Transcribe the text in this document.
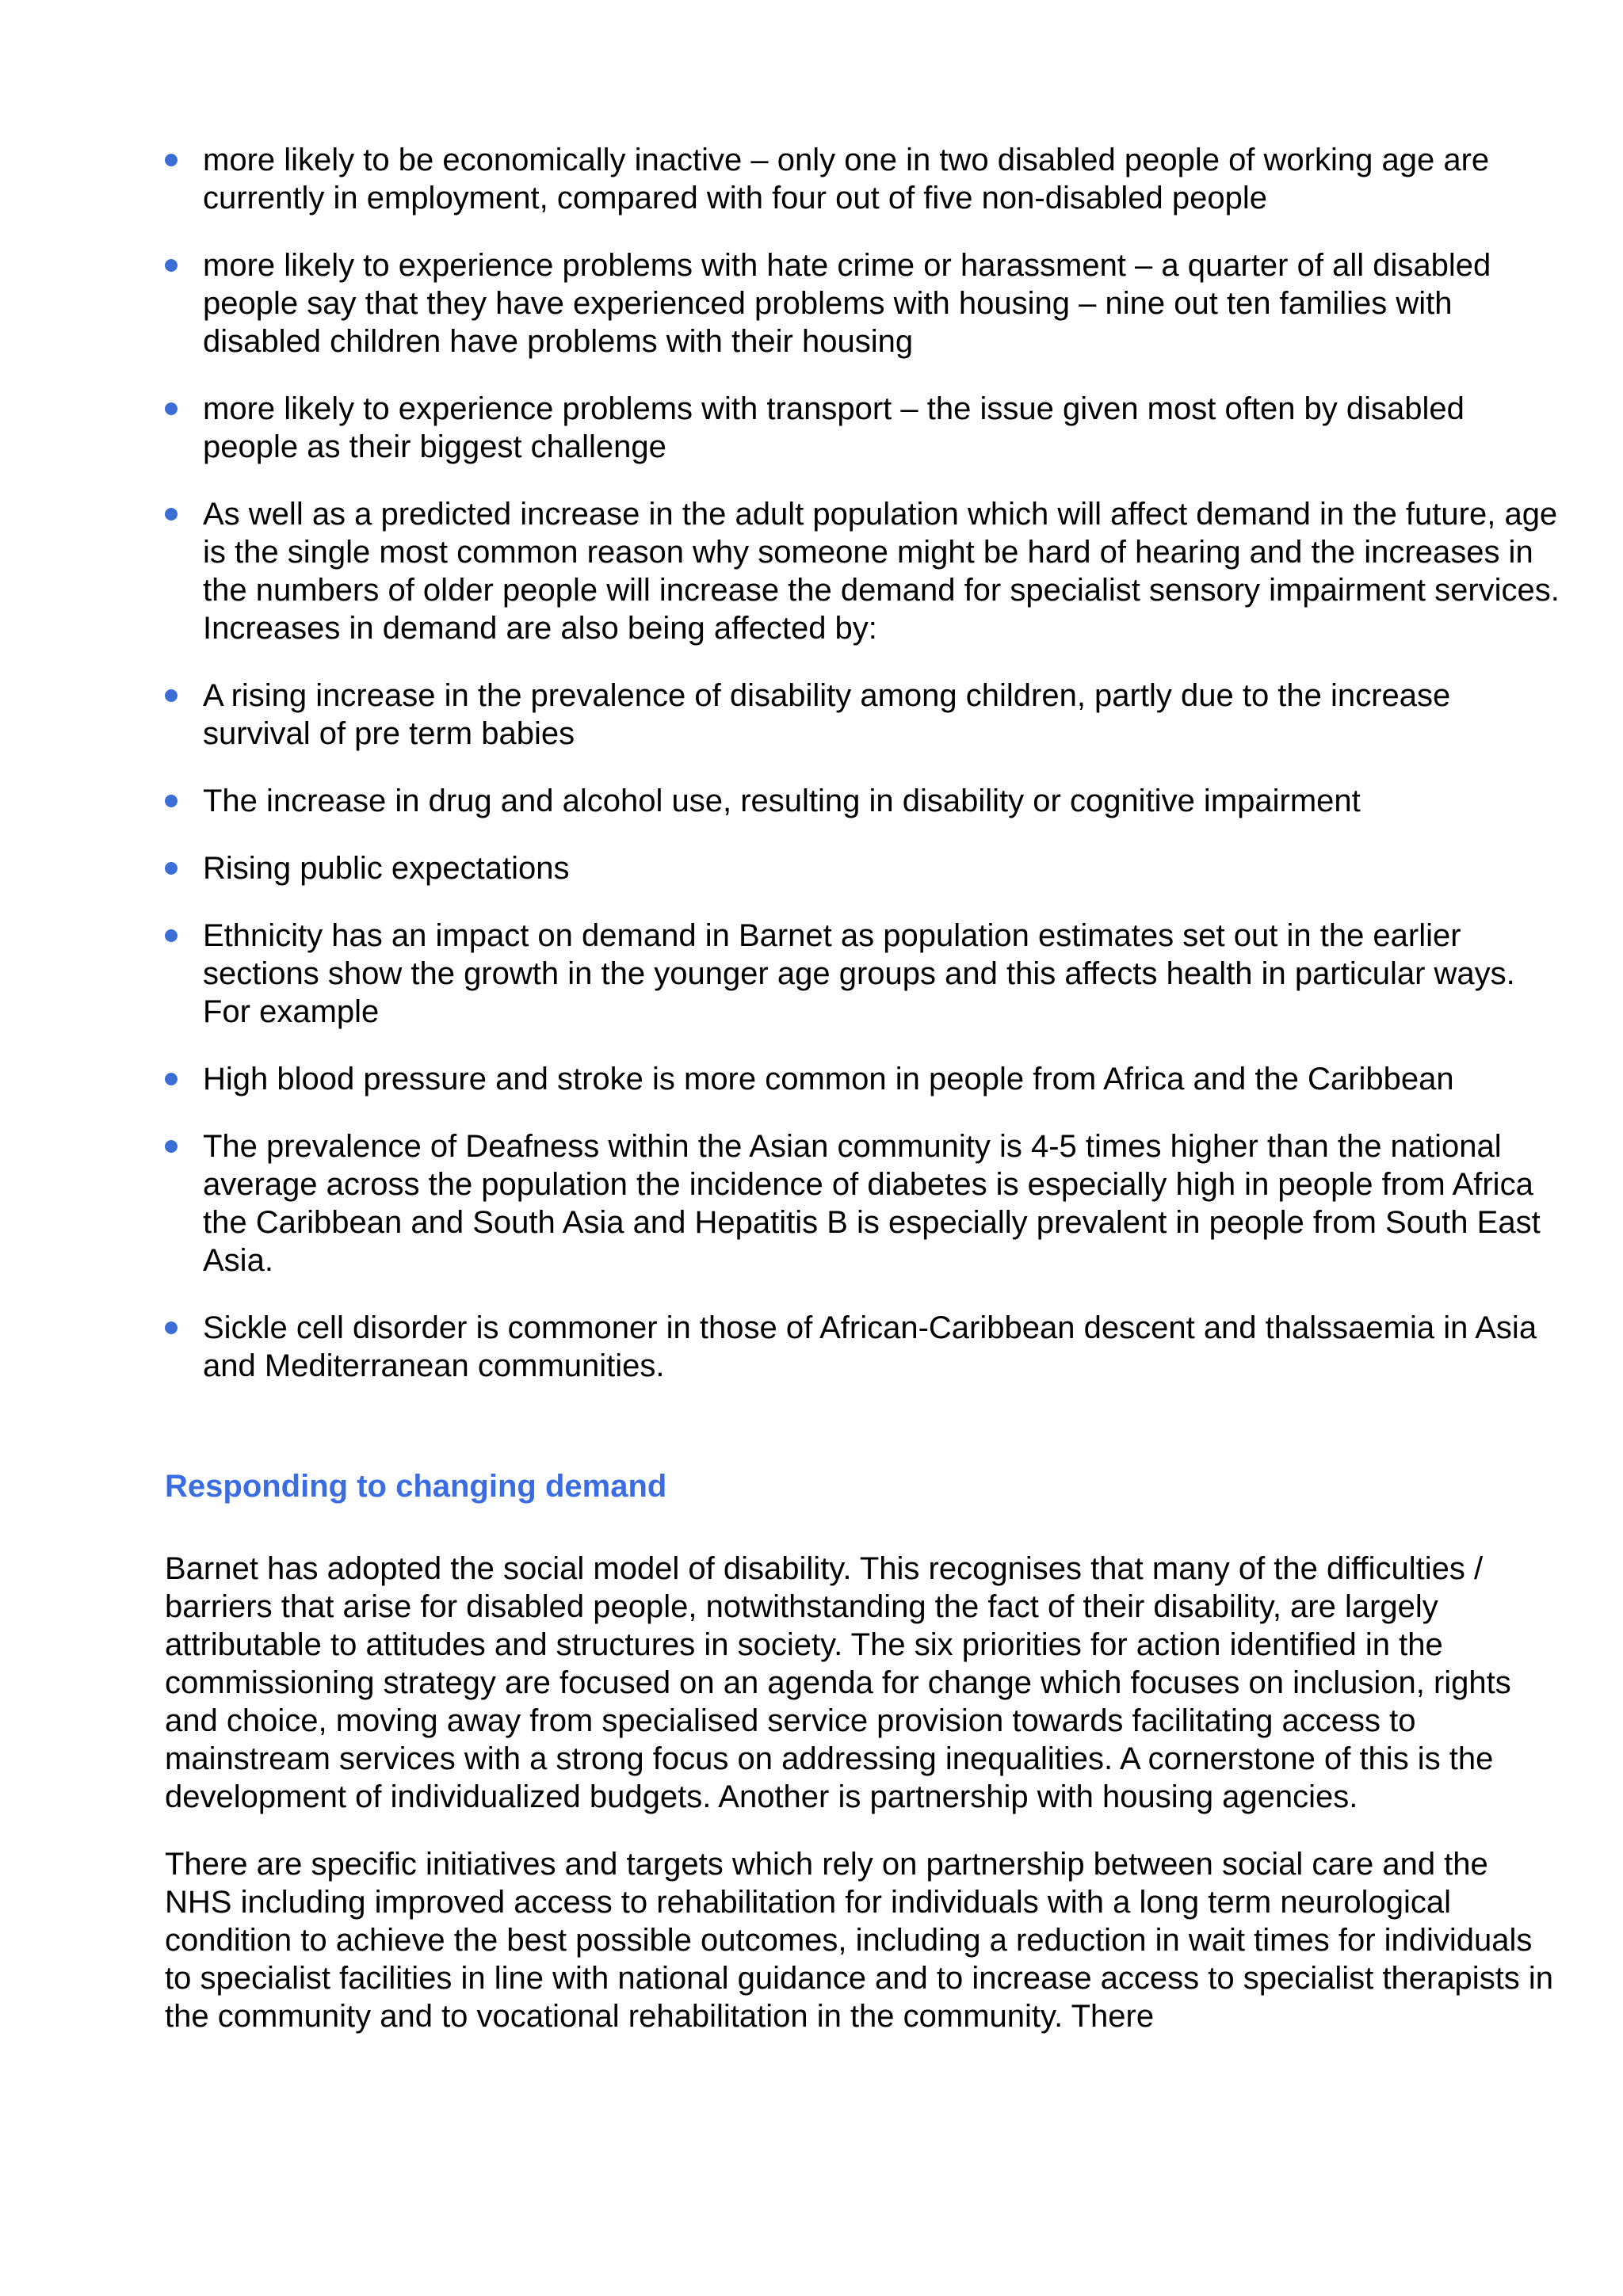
more likely to be economically inactive – only one in two disabled people of working age are currently in employment, compared with four out of five non-disabled people
more likely to experience problems with hate crime or harassment – a quarter of all disabled people say that they have experienced problems with housing – nine out ten families with disabled children have problems with their housing
more likely to experience problems with transport – the issue given most often by disabled people as their biggest challenge
As well as a predicted increase in the adult population which will affect demand in the future, age is the single most common reason why someone might be hard of hearing and the increases in the numbers of older people will increase the demand for specialist sensory impairment services. Increases in demand are also being affected by:
A rising increase in the prevalence of disability among children, partly due to the increase survival of pre term babies
The increase in drug and alcohol use, resulting in disability or cognitive impairment
Rising public expectations
Ethnicity has an impact on demand in Barnet as population estimates set out in the earlier sections show the growth in the younger age groups and this affects health in particular ways. For example
High blood pressure and stroke is more common in people from Africa and the Caribbean
The prevalence of Deafness within the Asian community is 4-5 times higher than the national average across the population the incidence of diabetes is especially high in people from Africa the Caribbean and South Asia and Hepatitis B is especially prevalent in people from South East Asia.
Sickle cell disorder is commoner in those of African-Caribbean descent and thalssaemia in Asia and Mediterranean communities.
Responding to changing demand

Barnet has adopted the social model of disability. This recognises that many of the difficulties / barriers that arise for disabled people, notwithstanding the fact of their disability, are largely attributable to attitudes and structures in society. The six priorities for action identified in the commissioning strategy are focused on an agenda for change which focuses on inclusion, rights and choice, moving away from specialised service provision towards facilitating access to mainstream services with a strong focus on addressing inequalities. A cornerstone of this is the development of individualized budgets. Another is partnership with housing agencies.

There are specific initiatives and targets which rely on partnership between social care and the NHS including improved access to rehabilitation for individuals with a long term neurological condition to achieve the best possible outcomes, including a reduction in wait times for individuals to specialist facilities in line with national guidance and to increase access to specialist therapists in the community and to vocational rehabilitation in the community. There
